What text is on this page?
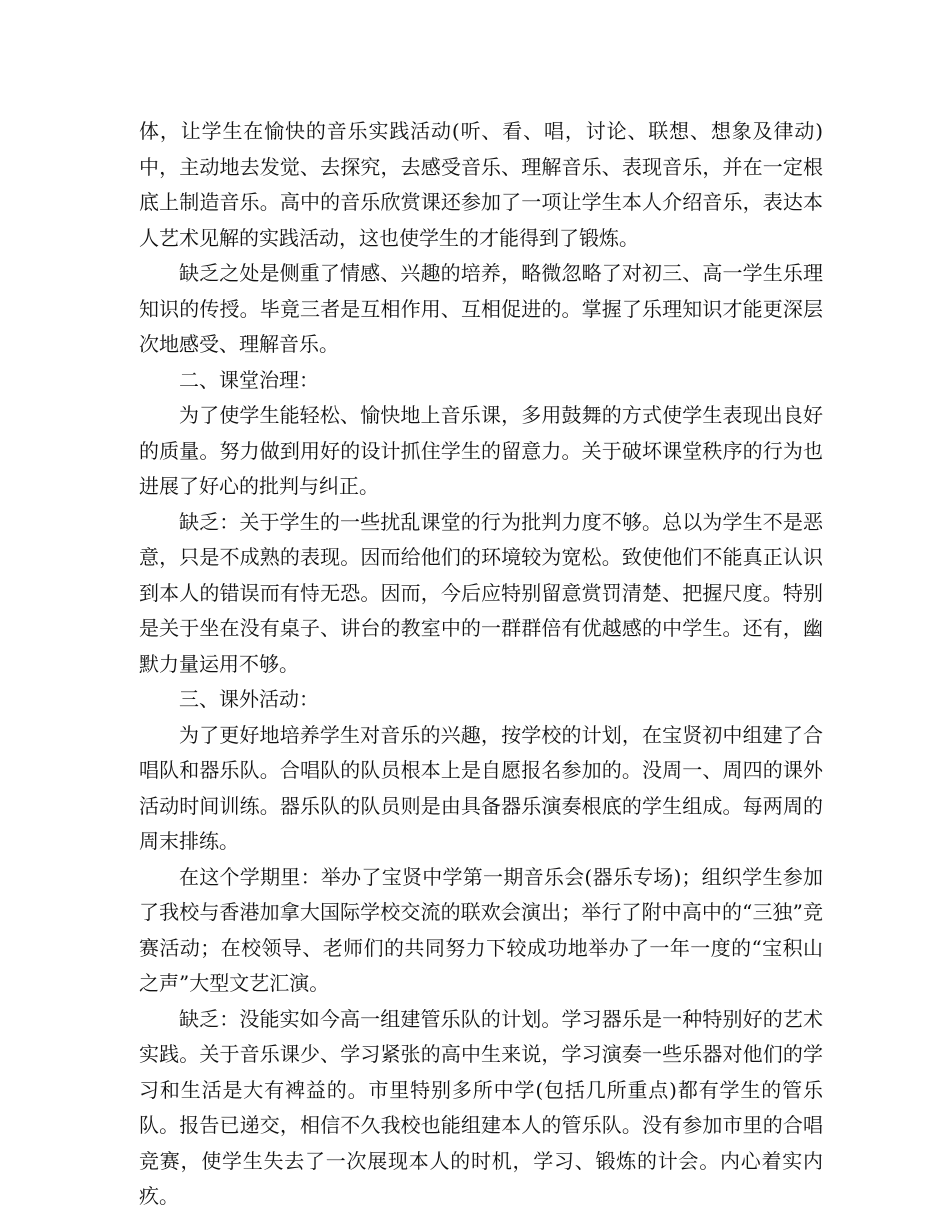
体，让学生在愉快的音乐实践活动(听、看、唱，讨论、联想、想象及律动)中，主动地去发觉、去探究，去感受音乐、理解音乐、表现音乐，并在一定根底上制造音乐。高中的音乐欣赏课还参加了一项让学生本人介绍音乐，表达本人艺术见解的实践活动，这也使学生的才能得到了锻炼。

缺乏之处是侧重了情感、兴趣的培养，略微忽略了对初三、高一学生乐理知识的传授。毕竟三者是互相作用、互相促进的。掌握了乐理知识才能更深层次地感受、理解音乐。

二、课堂治理：

为了使学生能轻松、愉快地上音乐课，多用鼓舞的方式使学生表现出良好的质量。努力做到用好的设计抓住学生的留意力。关于破坏课堂秩序的行为也进展了好心的批判与纠正。

缺乏：关于学生的一些扰乱课堂的行为批判力度不够。总以为学生不是恶意，只是不成熟的表现。因而给他们的环境较为宽松。致使他们不能真正认识到本人的错误而有恃无恐。因而，今后应特别留意赏罚清楚、把握尺度。特别是关于坐在没有桌子、讲台的教室中的一群群倍有优越感的中学生。还有，幽默力量运用不够。

三、课外活动：

为了更好地培养学生对音乐的兴趣，按学校的计划，在宝贤初中组建了合唱队和器乐队。合唱队的队员根本上是自愿报名参加的。没周一、周四的课外活动时间训练。器乐队的队员则是由具备器乐演奏根底的学生组成。每两周的周末排练。

在这个学期里：举办了宝贤中学第一期音乐会(器乐专场)；组织学生参加了我校与香港加拿大国际学校交流的联欢会演出；举行了附中高中的“三独”竞赛活动；在校领导、老师们的共同努力下较成功地举办了一年一度的“宝积山之声”大型文艺汇演。

缺乏：没能实如今高一组建管乐队的计划。学习器乐是一种特别好的艺术实践。关于音乐课少、学习紧张的高中生来说，学习演奏一些乐器对他们的学习和生活是大有裨益的。市里特别多所中学(包括几所重点)都有学生的管乐队。报告已递交，相信不久我校也能组建本人的管乐队。没有参加市里的合唱竞赛，使学生失去了一次展现本人的时机，学习、锻炼的计会。内心着实内疚。
